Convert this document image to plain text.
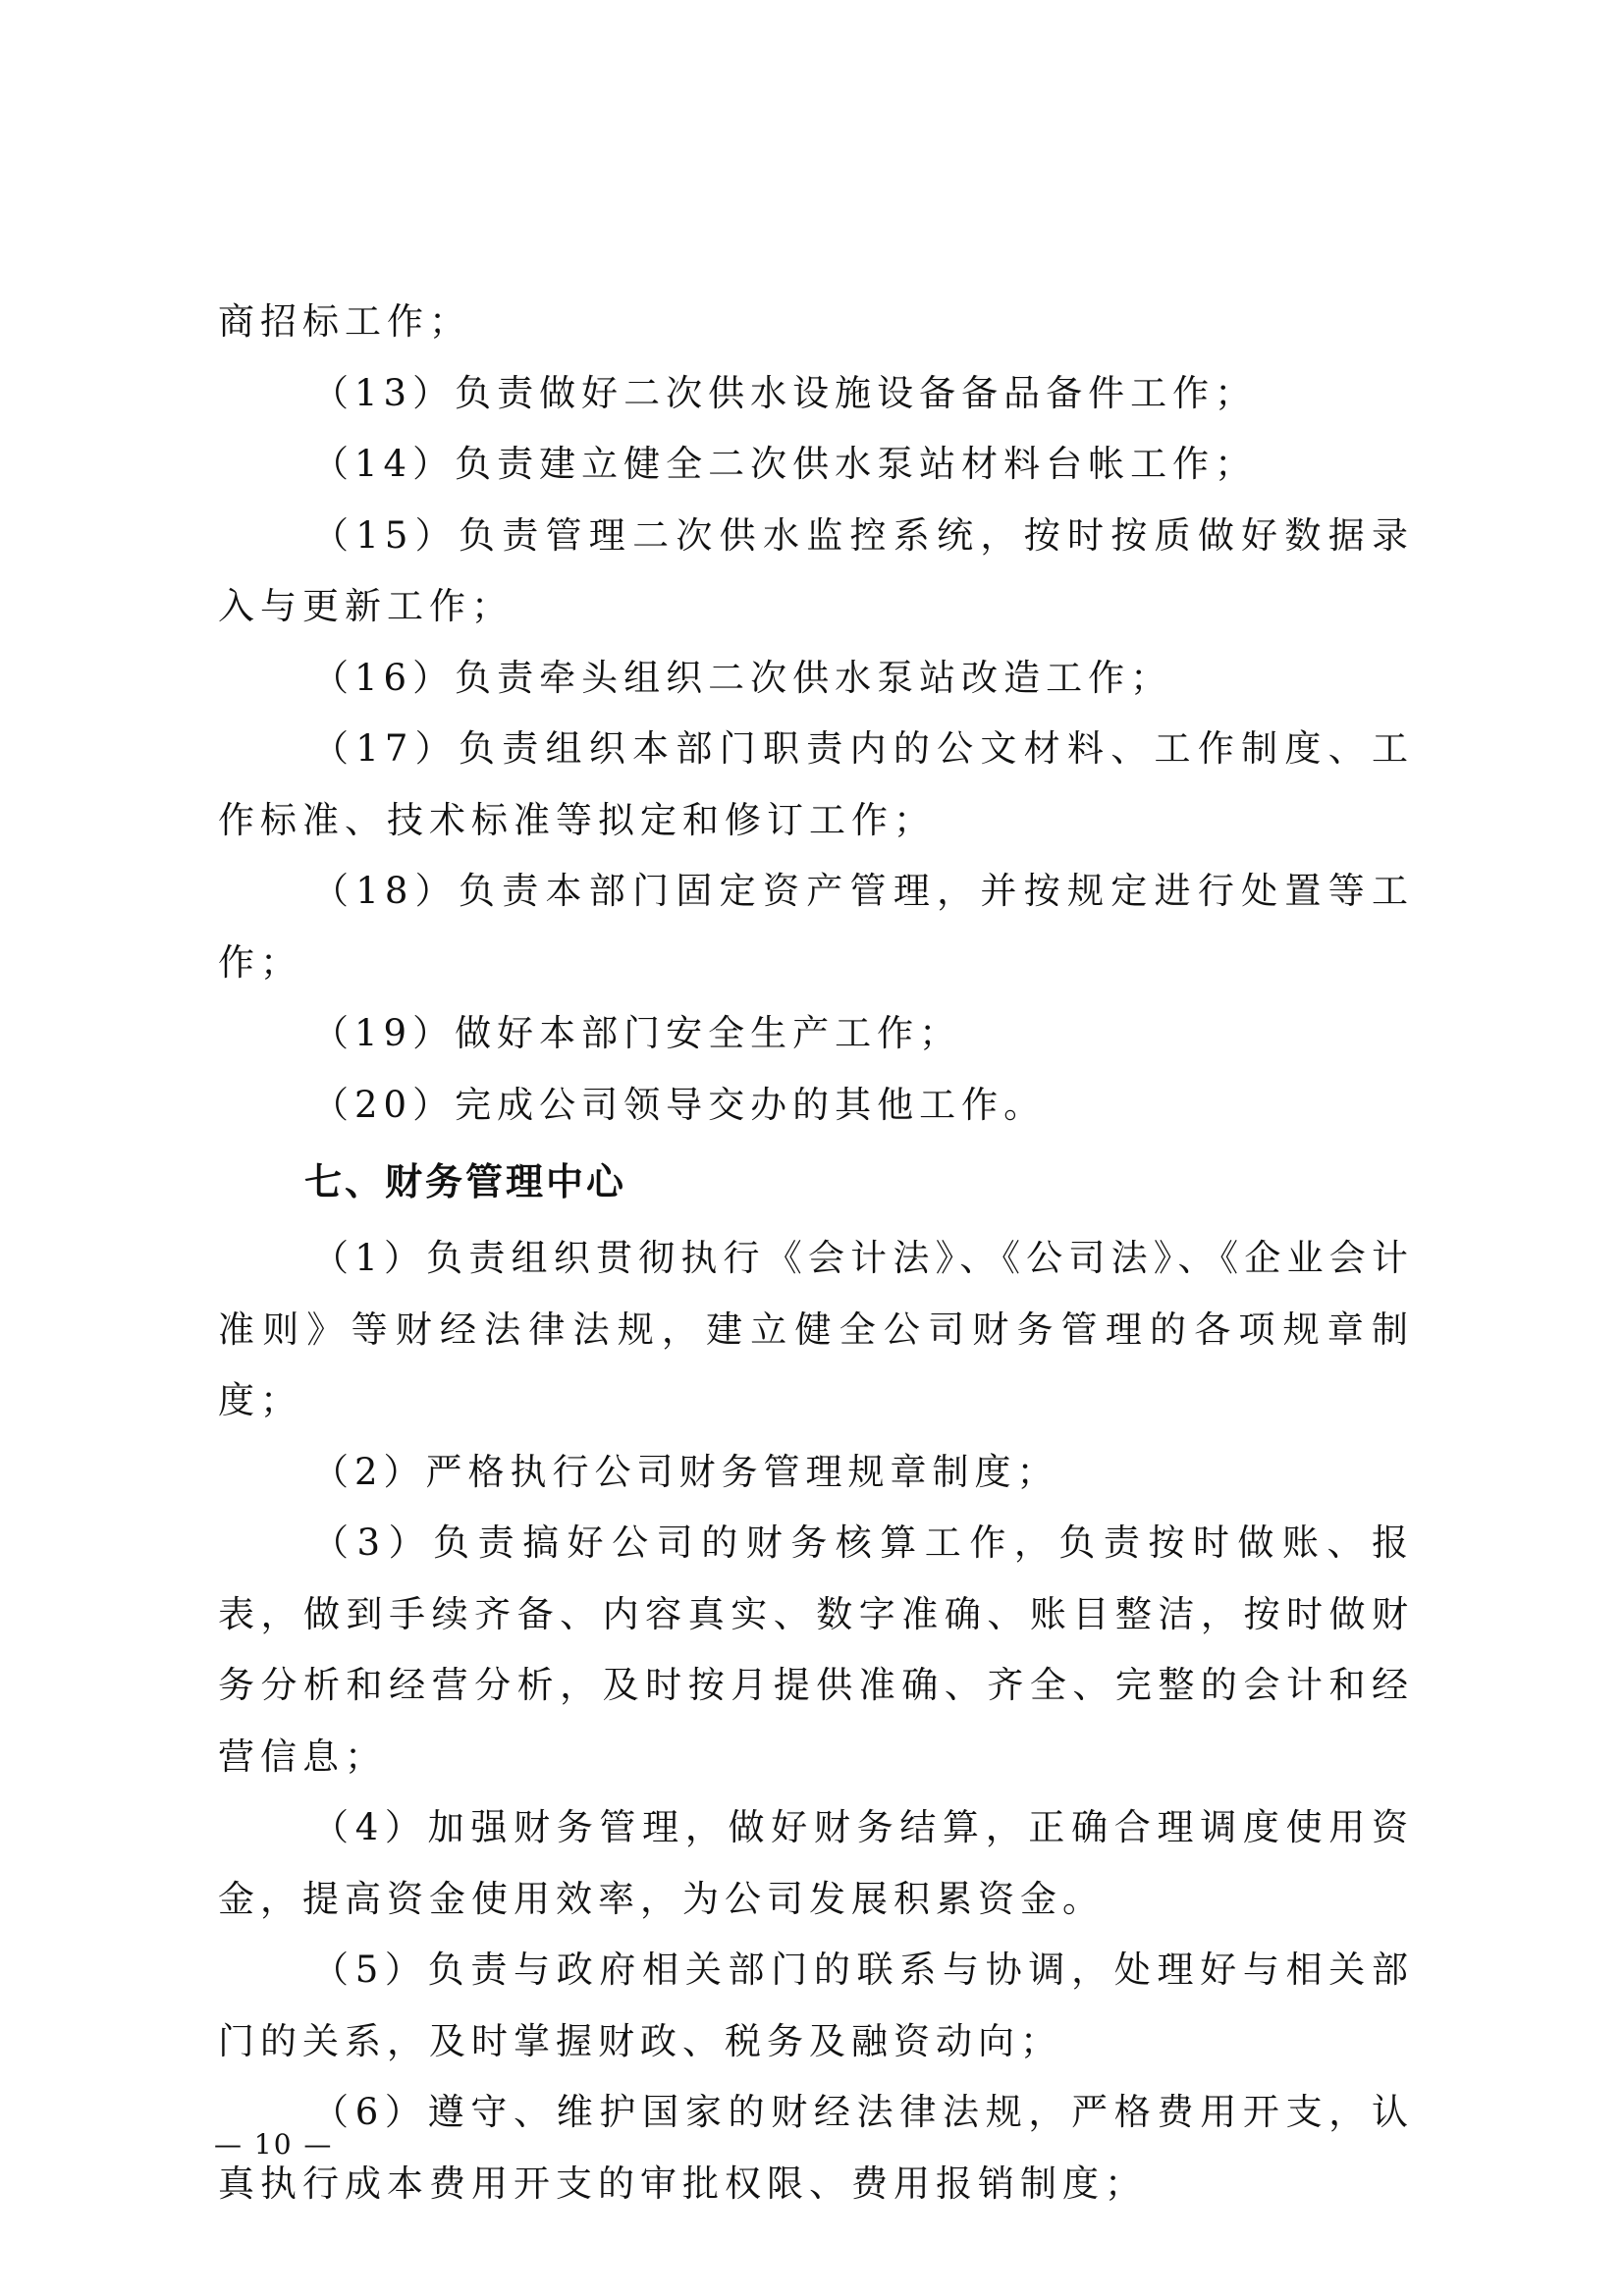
商招标工作；

（13）负责做好二次供水设施设备备品备件工作；

（14）负责建立健全二次供水泵站材料台帐工作；

（15）负责管理二次供水监控系统，按时按质做好数据录入与更新工作；

（16）负责牵头组织二次供水泵站改造工作；

（17）负责组织本部门职责内的公文材料、工作制度、工作标准、技术标准等拟定和修订工作；

（18）负责本部门固定资产管理，并按规定进行处置等工作；

（19）做好本部门安全生产工作；

（20）完成公司领导交办的其他工作。

七、财务管理中心

（1）负责组织贯彻执行《会计法》、《公司法》、《企业会计准则》等财经法律法规，建立健全公司财务管理的各项规章制度；

（2）严格执行公司财务管理规章制度；

（3）负责搞好公司的财务核算工作，负责按时做账、报表，做到手续齐备、内容真实、数字准确、账目整洁，按时做财务分析和经营分析，及时按月提供准确、齐全、完整的会计和经营信息；

（4）加强财务管理，做好财务结算，正确合理调度使用资金，提高资金使用效率，为公司发展积累资金。

（5）负责与政府相关部门的联系与协调，处理好与相关部门的关系，及时掌握财政、税务及融资动向；

（6）遵守、维护国家的财经法律法规，严格费用开支，认真执行成本费用开支的审批权限、费用报销制度；

— 10 —
